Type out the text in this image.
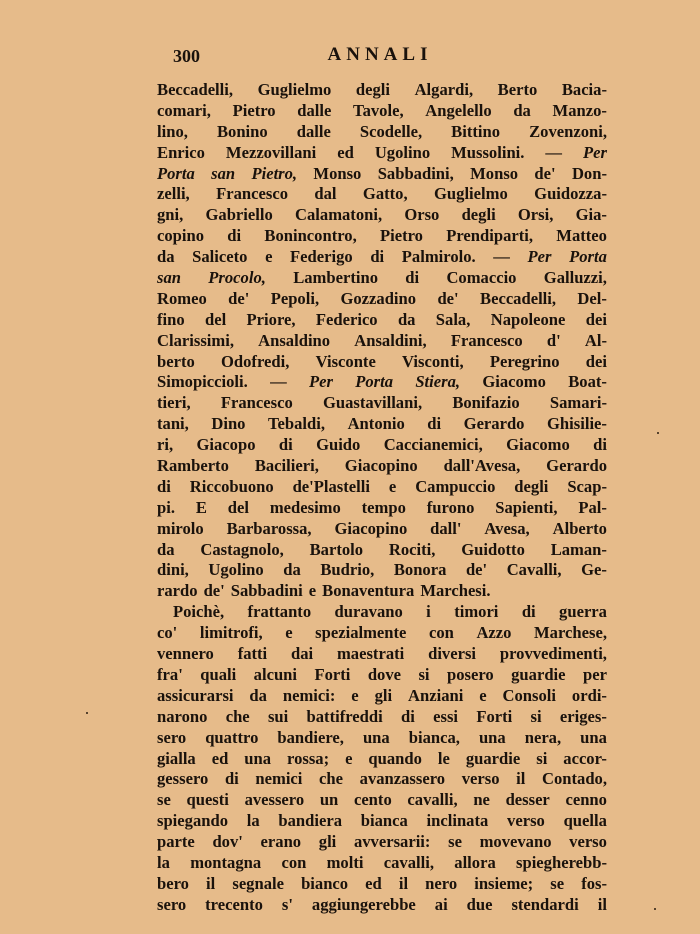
300	ANNALI
Beccadelli, Guglielmo degli Algardi, Berto Bacia-
comari, Pietro dalle Tavole, Angelello da Manzo-
lino, Bonino dalle Scodelle, Bittino Zovenzoni,
Enrico Mezzovillani ed Ugolino Mussolini. — Per
Porta san Pietro, Monso Sabbadini, Monso de' Don-
zelli, Francesco dal Gatto, Guglielmo Guidozza-
gni, Gabriello Calamatoni, Orso degli Orsi, Gia-
copino di Bonincontro, Pietro Prendiparti, Matteo
da Saliceto e Federigo di Palmirolo. — Per Porta
san Procolo, Lambertino di Comaccio Galluzzi,
Romeo de' Pepoli, Gozzadino de' Beccadelli, Del-
fino del Priore, Federico da Sala, Napoleone dei
Clarissimi, Ansaldino Ansaldini, Francesco d' Al-
berto Odofredi, Visconte Visconti, Peregrino dei
Simopiccioli. — Per Porta Stiera, Giacomo Boat-
tieri, Francesco Guastavillani, Bonifazio Samari-
tani, Dino Tebaldi, Antonio di Gerardo Ghisilie-
ri, Giacopo di Guido Caccianemici, Giacomo di
Ramberto Bacilieri, Giacopino dall'Avesa, Gerardo
di Riccobuono de'Plastelli e Campuccio degli Scap-
pi. E del medesimo tempo furono Sapienti, Pal-
mirolo Barbarossa, Giacopino dall' Avesa, Alberto
da Castagnolo, Bartolo Rociti, Guidotto Laman-
dini, Ugolino da Budrio, Bonora de' Cavalli, Ge-
rardo de' Sabbadini e Bonaventura Marchesi.
Poichè, frattanto duravano i timori di guerra
co' limitrofi, e spezialmente con Azzo Marchese,
vennero fatti dai maestrati diversi provvedimenti,
fra' quali alcuni Forti dove si posero guardie per
assicurarsi da nemici: e gli Anziani e Consoli ordi-
narono che sui battifreddi di essi Forti si eriges-
sero quattro bandiere, una bianca, una nera, una
gialla ed una rossa; e quando le guardie si accor-
gessero di nemici che avanzassero verso il Contado,
se questi avessero un cento cavalli, ne desser cenno
spiegando la bandiera bianca inclinata verso quella
parte dov' erano gli avversarii: se movevano verso
la montagna con molti cavalli, allora spiegherebb-
bero il segnale bianco ed il nero insieme; se fos-
sero trecento s' aggiungerebbe ai due stendardi il
